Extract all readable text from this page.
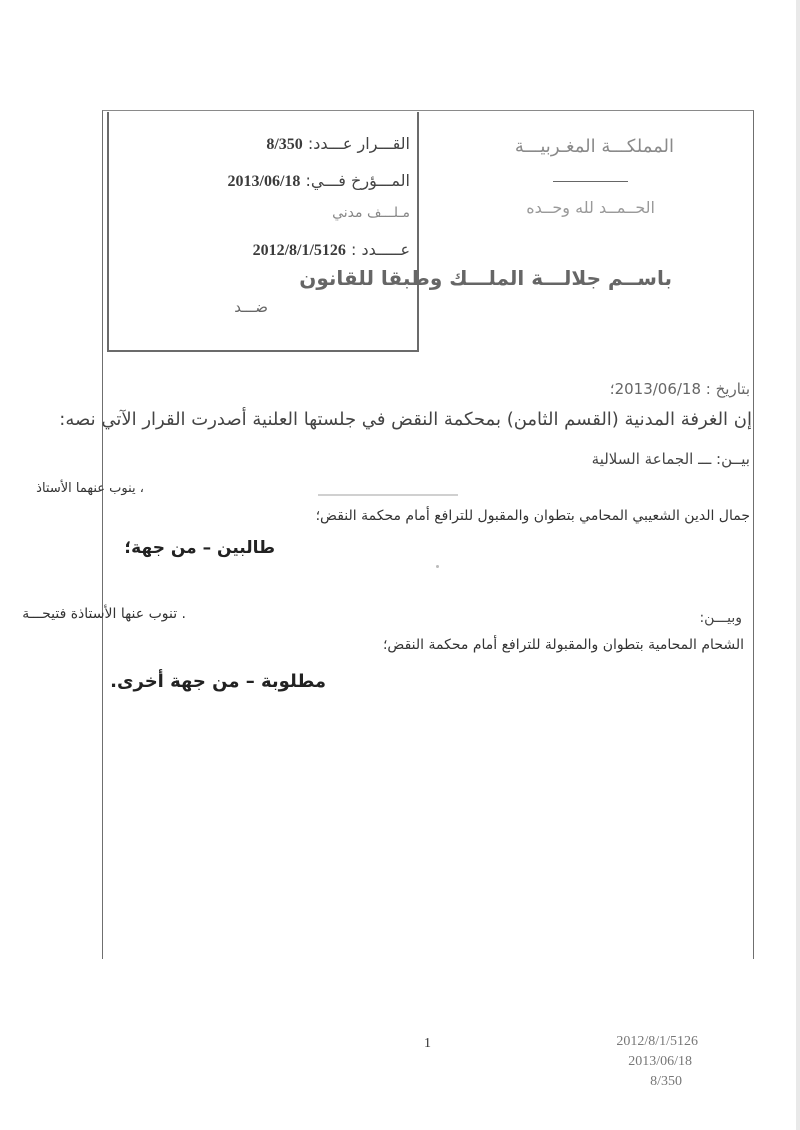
القـــرار عـــدد: 8/350
المـــؤرخ فـــي: 2013/06/18
مـلـــف مدني
عـــــدد : 2012/8/1/5126
ضـــد
المملكـــة المغـربيـــة
الحــمــد لله وحــده
باســم جلالـــة الملـــك وطبقا للقانون
بتاريخ : 2013/06/18؛
إن الغرفة المدنية (القسم الثامن) بمحكمة النقض في جلستها العلنية أصدرت القرار الآتي نصه:
بيــن: ـــ الجماعة السلالية
، ينوب عنهما الأستاذ
جمال الدين الشعيبي المحامي بتطوان والمقبول للترافع أمام محكمة النقض؛
طالبين – من جهة؛
وبيـــن:
. تنوب عنها الأستاذة فتيحـــة
الشحام المحامية بتطوان والمقبولة للترافع أمام محكمة النقض؛
مطلوبة – من جهة أخرى.
1	2012/8/1/5126
2013/06/18
8/350
